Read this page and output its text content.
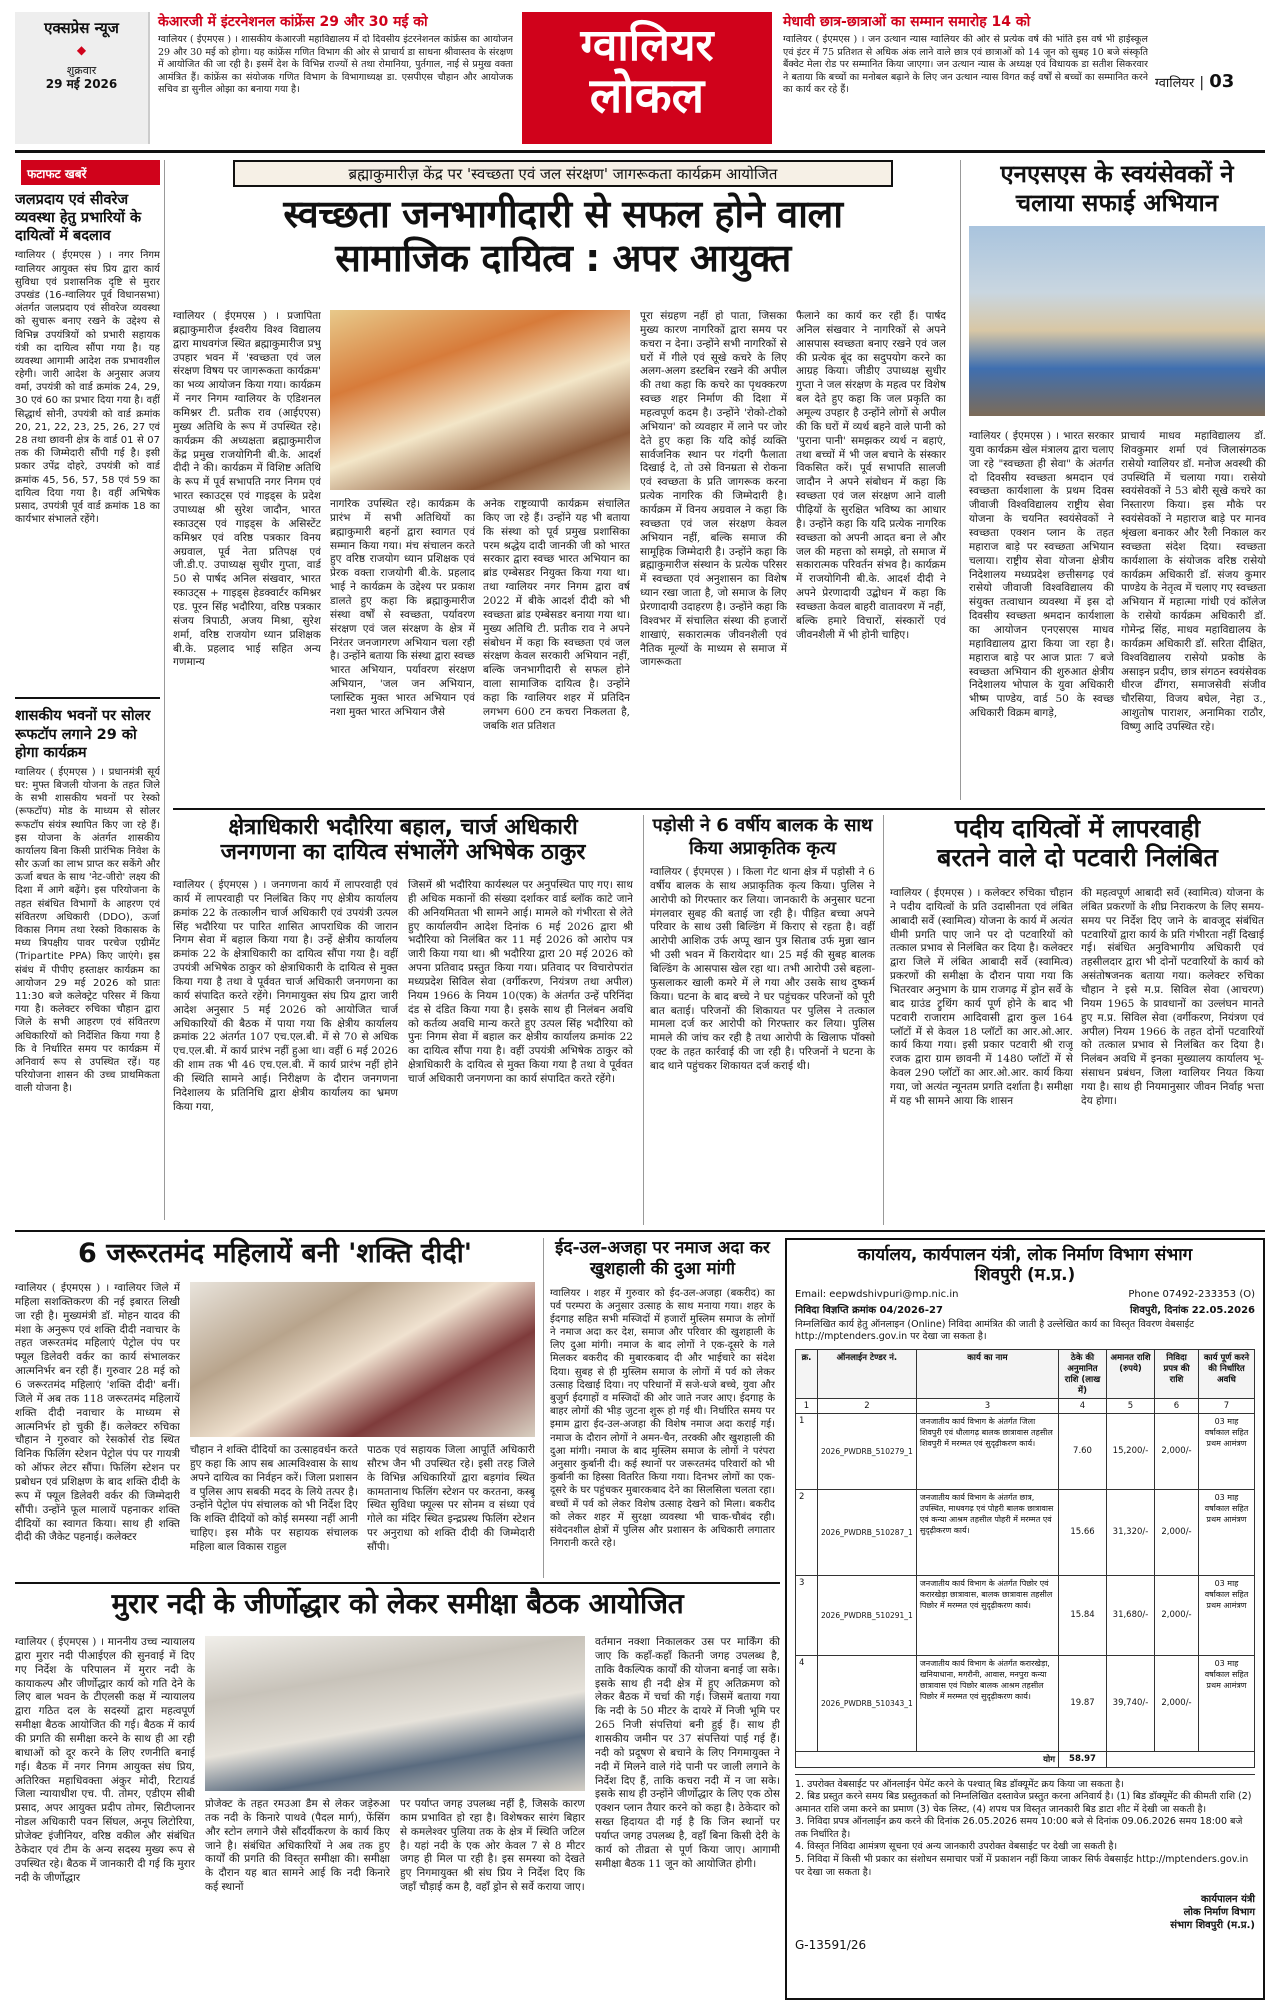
एक्सप्रेस न्यूज
◆
शुक्रवार
29 मई 2026
केआरजी में इंटरनेशनल कांफ्रेंस 29 और 30 मई को
ग्वालियर ( ईएमएस ) । शासकीय केआरजी महाविद्यालय में दो दिवसीय इंटरनेशनल कांफ्रेंस का आयोजन 29 और 30 मई को होगा। यह कांफ्रेंस गणित विभाग की ओर से प्राचार्य डा साधना श्रीवास्तव के संरक्षण में आयोजित की जा रही है। इसमें देश के विभिन्न राज्यों से तथा रोमानिया, पुर्तगाल, नाई से प्रमुख वक्ता आमंत्रित हैं। कांफ्रेंस का संयोजक गणित विभाग के विभागाध्यक्ष डा. एसपीएस चौहान और आयोजक सचिव डा सुनील ओझा का बनाया गया है।
ग्वालियर
लोकल
मेधावी छात्र-छात्राओं का सम्मान समारोह 14 को
ग्वालियर ( ईएमएस ) । जन उत्थान न्यास ग्वालियर की ओर से प्रत्येक वर्ष की भांति इस वर्ष भी हाईस्कूल एवं इंटर में 75 प्रतिशत से अधिक अंक लाने वाले छात्र एवं छात्राओं को 14 जून को सुबह 10 बजे संस्कृति बैंक्वेट मेला रोड पर सम्मानित किया जाएगा। जन उत्थान न्यास के अध्यक्ष एवं विधायक डा सतीश सिकरवार ने बताया कि बच्चों का मनोबल बढ़ाने के लिए जन उत्थान न्यास विगत कई वर्षों से बच्चों का सम्मानित करने का कार्य कर रहे हैं।	ग्वालियर | 03
फटाफट खबरें
जलप्रदाय एवं सीवरेज व्यवस्था हेतु प्रभारियों के दायित्वों में बदलाव
ग्वालियर ( ईएमएस ) । नगर निगम ग्वालियर आयुक्त संघ प्रिय द्वारा कार्य सुविधा एवं प्रशासनिक दृष्टि से मुरार उपखंड (16-ग्वालियर पूर्व विधानसभा) अंतर्गत जलप्रदाय एवं सीवरेज व्यवस्था को सुचारू बनाए रखने के उद्देश्य से विभिन्न उपयंत्रियों को प्रभारी सहायक यंत्री का दायित्व सौंपा गया है। यह व्यवस्था आगामी आदेश तक प्रभावशील रहेगी। जारी आदेश के अनुसार अजय वर्मा, उपयंत्री को वार्ड क्रमांक 24, 29, 30 एवं 60 का प्रभार दिया गया है। वहीं सिद्धार्थ सोनी, उपयंत्री को वार्ड क्रमांक 20, 21, 22, 23, 25, 26, 27 एवं 28 तथा छावनी क्षेत्र के वार्ड 01 से 07 तक की जिम्मेदारी सौंपी गई है। इसी प्रकार उपेंद्र दोहरे, उपयंत्री को वार्ड क्रमांक 45, 56, 57, 58 एवं 59 का दायित्व दिया गया है। वहीं अभिषेक प्रसाद, उपयंत्री पूर्व वार्ड क्रमांक 18 का कार्यभार संभालते रहेंगे।
शासकीय भवनों पर सोलर रूफटॉप लगाने 29 को होगा कार्यक्रम
ग्वालियर ( ईएमएस ) । प्रधानमंत्री सूर्य घर: मुफ्त बिजली योजना के तहत जिले के सभी शासकीय भवनों पर रेस्को (रूफटॉप) मोड के माध्यम से सोलर रूफटॉप संयंत्र स्थापित किए जा रहे हैं। इस योजना के अंतर्गत शासकीय कार्यालय बिना किसी प्रारंभिक निवेश के सौर ऊर्जा का लाभ प्राप्त कर सकेंगे और ऊर्जा बचत के साथ 'नेट-जीरो' लक्ष्य की दिशा में आगे बढ़ेंगे। इस परियोजना के तहत संबंधित विभागों के आहरण एवं संवितरण अधिकारी (DDO), ऊर्जा विकास निगम तथा रेस्को विकासक के मध्य त्रिपक्षीय पावर परचेज एग्रीमेंट (Tripartite PPA) किए जाएंगे। इस संबंध में पीपीए हस्ताक्षर कार्यक्रम का आयोजन 29 मई 2026 को प्रातः 11:30 बजे कलेक्ट्रेट परिसर में किया गया है। कलेक्टर रुचिका चौहान द्वारा जिले के सभी आहरण एवं संवितरण अधिकारियों को निर्देशित किया गया है कि वे निर्धारित समय पर कार्यक्रम में अनिवार्य रूप से उपस्थित रहें। यह परियोजना शासन की उच्च प्राथमिकता वाली योजना है।
ब्रह्माकुमारीज़ केंद्र पर 'स्वच्छता एवं जल संरक्षण' जागरूकता कार्यक्रम आयोजित
स्वच्छता जनभागीदारी से सफल होने वाला
सामाजिक दायित्व : अपर आयुक्त
ग्वालियर ( ईएमएस ) । प्रजापिता ब्रह्माकुमारीज ईश्वरीय विश्व विद्यालय द्वारा माधवगंज स्थित ब्रह्माकुमारीज प्रभु उपहार भवन में 'स्वच्छता एवं जल संरक्षण विषय पर जागरूकता कार्यक्रम' का भव्य आयोजन किया गया। कार्यक्रम में नगर निगम ग्वालियर के एडिशनल कमिश्नर टी. प्रतीक राव (आईएएस) मुख्य अतिथि के रूप में उपस्थित रहे। कार्यक्रम की अध्यक्षता ब्रह्माकुमारीज केंद्र प्रमुख राजयोगिनी बी.के. आदर्श दीदी ने की। कार्यक्रम में विशिष्ट अतिथि के रूप में पूर्व सभापति नगर निगम एवं भारत स्काउट्स एवं गाइड्स के प्रदेश उपाध्यक्ष श्री सुरेश जादौन, भारत स्काउट्स एवं गाइड्स के असिस्टेंट कमिश्नर एवं वरिष्ठ पत्रकार विनय अग्रवाल, पूर्व नेता प्रतिपक्ष एवं जी.डी.ए. उपाध्यक्ष सुधीर गुप्ता, वार्ड 50 से पार्षद अनिल संखवार, भारत स्काउट्स + गाइड्स हेडक्वार्टर कमिश्नर एड. पूरन सिंह भदौरिया, वरिष्ठ पत्रकार संजय त्रिपाठी, अजय मिश्रा, सुरेश शर्मा, वरिष्ठ राजयोग ध्यान प्रशिक्षक बी.के. प्रहलाद भाई सहित अन्य गणमान्य
नागरिक उपस्थित रहे। कार्यक्रम के प्रारंभ में सभी अतिथियों का ब्रह्माकुमारी बहनों द्वारा स्वागत एवं सम्मान किया गया। मंच संचालन करते हुए वरिष्ठ राजयोग ध्यान प्रशिक्षक एवं प्रेरक वक्ता राजयोगी बी.के. प्रहलाद भाई ने कार्यक्रम के उद्देश्य पर प्रकाश डालते हुए कहा कि ब्रह्माकुमारीज संस्था वर्षों से स्वच्छता, पर्यावरण संरक्षण एवं जल संरक्षण के क्षेत्र में निरंतर जनजागरण अभियान चला रही है। उन्होंने बताया कि संस्था द्वारा स्वच्छ भारत अभियान, पर्यावरण संरक्षण अभियान, 'जल जन अभियान, प्लास्टिक मुक्त भारत अभियान एवं नशा मुक्त भारत अभियान जैसे
अनेक राष्ट्रव्यापी कार्यक्रम संचालित किए जा रहे हैं। उन्होंने यह भी बताया कि संस्था को पूर्व प्रमुख प्रशासिका परम श्रद्धेय दादी जानकी जी को भारत सरकार द्वारा स्वच्छ भारत अभियान का ब्रांड एम्बेसडर नियुक्त किया गया था। तथा ग्वालियर नगर निगम द्वारा वर्ष 2022 में बीके आदर्श दीदी को भी स्वच्छता ब्रांड एम्बेसडर बनाया गया था। मुख्य अतिथि टी. प्रतीक राव ने अपने संबोधन में कहा कि स्वच्छता एवं जल संरक्षण केवल सरकारी अभियान नहीं, बल्कि जनभागीदारी से सफल होने वाला सामाजिक दायित्व है। उन्होंने कहा कि ग्वालियर शहर में प्रतिदिन लगभग 600 टन कचरा निकलता है, जबकि शत प्रतिशत
पूरा संग्रहण नहीं हो पाता, जिसका मुख्य कारण नागरिकों द्वारा समय पर कचरा न देना। उन्होंने सभी नागरिकों से घरों में गीले एवं सूखे कचरे के लिए अलग-अलग डस्टबिन रखने की अपील की तथा कहा कि कचरे का पृथक्करण स्वच्छ शहर निर्माण की दिशा में महत्वपूर्ण कदम है। उन्होंने 'रोको-टोको अभियान' को व्यवहार में लाने पर जोर देते हुए कहा कि यदि कोई व्यक्ति सार्वजनिक स्थान पर गंदगी फैलाता दिखाई दे, तो उसे विनम्रता से रोकना एवं स्वच्छता के प्रति जागरूक करना प्रत्येक नागरिक की जिम्मेदारी है। कार्यक्रम में विनय अग्रवाल ने कहा कि स्वच्छता एवं जल संरक्षण केवल अभियान नहीं, बल्कि समाज की सामूहिक जिम्मेदारी है। उन्होंने कहा कि ब्रह्माकुमारीज संस्थान के प्रत्येक परिसर में स्वच्छता एवं अनुशासन का विशेष ध्यान रखा जाता है, जो समाज के लिए प्रेरणादायी उदाहरण है। उन्होंने कहा कि विश्वभर में संचालित संस्था की हजारों शाखाएं, सकारात्मक जीवनशैली एवं नैतिक मूल्यों के माध्यम से समाज में जागरूकता
फैलाने का कार्य कर रही हैं। पार्षद अनिल संखवार ने नागरिकों से अपने आसपास स्वच्छता बनाए रखने एवं जल की प्रत्येक बूंद का सदुपयोग करने का आग्रह किया। जीडीए उपाध्यक्ष सुधीर गुप्ता ने जल संरक्षण के महत्व पर विशेष बल देते हुए कहा कि जल प्रकृति का अमूल्य उपहार है उन्होंने लोगों से अपील की कि घरों में व्यर्थ बहने वाले पानी को 'पुराना पानी' समझकर व्यर्थ न बहाएं, तथा बच्चों में भी जल बचाने के संस्कार विकसित करें। पूर्व सभापति सालजी जादौन ने अपने संबोधन में कहा कि स्वच्छता एवं जल संरक्षण आने वाली पीढ़ियों के सुरक्षित भविष्य का आधार है। उन्होंने कहा कि यदि प्रत्येक नागरिक स्वच्छता को अपनी आदत बना ले और जल की महत्ता को समझे, तो समाज में सकारात्मक परिवर्तन संभव है। कार्यक्रम में राजयोगिनी बी.के. आदर्श दीदी ने अपने प्रेरणादायी उद्बोधन में कहा कि स्वच्छता केवल बाहरी वातावरण में नहीं, बल्कि हमारे विचारों, संस्कारों एवं जीवनशैली में भी होनी चाहिए।
एनएसएस के स्वयंसेवकों ने चलाया सफाई अभियान
ग्वालियर ( ईएमएस ) । भारत सरकार युवा कार्यक्रम खेल मंत्रालय द्वारा चलाए जा रहे "स्वच्छता ही सेवा" के अंतर्गत दो दिवसीय स्वच्छता श्रमदान एवं स्वच्छता कार्यशाला के प्रथम दिवस जीवाजी विश्वविद्यालय राष्ट्रीय सेवा योजना के चयनित स्वयंसेवकों ने स्वच्छता एक्शन प्लान के तहत महाराज बाड़े पर स्वच्छता अभियान चलाया। राष्ट्रीय सेवा योजना क्षेत्रीय निदेशालय मध्यप्रदेश छत्तीसगढ़ एवं रासेयो जीवाजी विश्वविद्यालय की संयुक्त तत्वाधान व्यवस्था में इस दो दिवसीय स्वच्छता श्रमदान कार्यशाला का आयोजन एनएसएस माधव महाविद्यालय द्वारा किया जा रहा है। महाराज बाड़े पर आज प्रातः 7 बजे स्वच्छता अभियान की शुरुआत क्षेत्रीय निदेशालय भोपाल के युवा अधिकारी भीष्म पाण्डेय, वार्ड 50 के स्वच्छ अधिकारी विक्रम बागड़े,
प्राचार्य माधव महाविद्यालय डॉ. शिवकुमार शर्मा एवं जिलासंगठक रासेयो ग्वालियर डॉ. मनोज अवस्थी की उपस्थिति में चलाया गया। रासेयो स्वयंसेवकों ने 53 बोरी सूखे कचरे का निस्तारण किया। इस मौके पर स्वयंसेवकों ने महाराज बाड़े पर मानव श्रृंखला बनाकर और रैली निकाल कर स्वच्छता संदेश दिया। स्वच्छता कार्यशाला के संयोजक वरिष्ठ रासेयो कार्यक्रम अधिकारी डॉ. संजय कुमार पाण्डेय के नेतृत्व में चलाए गए स्वच्छता अभियान में महात्मा गांधी एवं कॉलेज के रासेयो कार्यक्रम अधिकारी डॉ. गोमेन्द्र सिंह, माधव महाविद्यालय के कार्यक्रम अधिकारी डॉ. सरिता दीक्षित, विश्वविद्यालय रासेयो प्रकोष्ठ के असाइन प्रदीप, छात्र संगठन स्वयंसेवक धीरज ढींगरा, समाजसेवी संजीव चौरसिया, विजय बघेल, नेहा उ., आशुतोष पाराशर, अनामिका राठौर, विष्णु आदि उपस्थित रहे।
क्षेत्राधिकारी भदौरिया बहाल, चार्ज अधिकारी
जनगणना का दायित्व संभालेंगे अभिषेक ठाकुर
ग्वालियर ( ईएमएस ) । जनगणना कार्य में लापरवाही एवं कार्य में लापरवाही पर निलंबित किए गए क्षेत्रीय कार्यालय क्रमांक 22 के तत्कालीन चार्ज अधिकारी एवं उपयंत्री उत्पल सिंह भदौरिया पर पारित शासित आपराधिक की जारान निगम सेवा में बहाल किया गया है। उन्हें क्षेत्रीय कार्यालय क्रमांक 22 के क्षेत्राधिकारी का दायित्व सौंपा गया है। वहीं उपयंत्री अभिषेक ठाकुर को क्षेत्राधिकारी के दायित्व से मुक्त किया गया है तथा वे पूर्ववत चार्ज अधिकारी जनगणना का कार्य संपादित करते रहेंगे। निगमायुक्त संघ प्रिय द्वारा जारी आदेश अनुसार 5 मई 2026 को आयोजित चार्ज अधिकारियों की बैठक में पाया गया कि क्षेत्रीय कार्यालय क्रमांक 22 अंतर्गत 107 एच.एल.बी. में से 70 से अधिक एच.एल.बी. में कार्य प्रारंभ नहीं हुआ था। वहीं 6 मई 2026 की शाम तक भी 46 एच.एल.बी. में कार्य प्रारंभ नहीं होने की स्थिति सामने आई। निरीक्षण के दौरान जनगणना निदेशालय के प्रतिनिधि द्वारा क्षेत्रीय कार्यालय का भ्रमण किया गया,
जिसमें श्री भदौरिया कार्यस्थल पर अनुपस्थित पाए गए। साथ ही अधिक मकानों की संख्या दर्शाकर वार्ड ब्लॉक काटे जाने की अनियमितता भी सामने आई। मामले को गंभीरता से लेते हुए कार्यालयीन आदेश दिनांक 6 मई 2026 द्वारा श्री भदौरिया को निलंबित कर 11 मई 2026 को आरोप पत्र जारी किया गया था। श्री भदौरिया द्वारा 20 मई 2026 को अपना प्रतिवाद प्रस्तुत किया गया। प्रतिवाद पर विचारोपरांत मध्यप्रदेश सिविल सेवा (वर्गीकरण, नियंत्रण तथा अपील) नियम 1966 के नियम 10(एक) के अंतर्गत उन्हें परिनिंदा दंड से दंडित किया गया है। इसके साथ ही निलंबन अवधि को कर्तव्य अवधि मान्य करते हुए उत्पल सिंह भदौरिया को पुनः निगम सेवा में बहाल कर क्षेत्रीय कार्यालय क्रमांक 22 का दायित्व सौंपा गया है। वहीं उपयंत्री अभिषेक ठाकुर को क्षेत्राधिकारी के दायित्व से मुक्त किया गया है तथा वे पूर्ववत चार्ज अधिकारी जनगणना का कार्य संपादित करते रहेंगे।
पड़ोसी ने 6 वर्षीय बालक के साथ किया अप्राकृतिक कृत्य
ग्वालियर ( ईएमएस ) । किला गेट थाना क्षेत्र में पड़ोसी ने 6 वर्षीय बालक के साथ अप्राकृतिक कृत्य किया। पुलिस ने आरोपी को गिरफ्तार कर लिया। जानकारी के अनुसार घटना मंगलवार सुबह की बताई जा रही है। पीड़ित बच्चा अपने परिवार के साथ उसी बिल्डिंग में किराए से रहता है। वहीं आरोपी आशिक उर्फ अप्पू खान पुत्र सिताब उर्फ मुन्ना खान भी उसी भवन में किरायेदार था। 25 मई की सुबह बालक बिल्डिंग के आसपास खेल रहा था। तभी आरोपी उसे बहला-फुसलाकर खाली कमरे में ले गया और उसके साथ दुष्कर्म किया। घटना के बाद बच्चे ने घर पहुंचकर परिजनों को पूरी बात बताई। परिजनों की शिकायत पर पुलिस ने तत्काल मामला दर्ज कर आरोपी को गिरफ्तार कर लिया। पुलिस मामले की जांच कर रही है तथा आरोपी के खिलाफ पॉक्सो एक्ट के तहत कार्रवाई की जा रही है। परिजनों ने घटना के बाद थाने पहुंचकर शिकायत दर्ज कराई थी।
पदीय दायित्वों में लापरवाही
बरतने वाले दो पटवारी निलंबित
ग्वालियर ( ईएमएस ) । कलेक्टर रुचिका चौहान ने पदीय दायित्वों के प्रति उदासीनता एवं लंबित आबादी सर्वे (स्वामित्व) योजना के कार्य में अत्यंत धीमी प्रगति पाए जाने पर दो पटवारियों को तत्काल प्रभाव से निलंबित कर दिया है। कलेक्टर द्वारा जिले में लंबित आबादी सर्वे (स्वामित्व) प्रकरणों की समीक्षा के दौरान पाया गया कि भितरवार अनुभाग के ग्राम राजगढ़ में ड्रोन सर्वे के बाद ग्राउंड ट्रुथिंग कार्य पूर्ण होने के बाद भी पटवारी राजाराम आदिवासी द्वारा कुल 164 प्लॉटों में से केवल 18 प्लॉटों का आर.ओ.आर. कार्य किया गया। इसी प्रकार पटवारी श्री राजू रजक द्वारा ग्राम छावनी में 1480 प्लॉटों में से केवल 290 प्लॉटों का आर.ओ.आर. कार्य किया गया, जो अत्यंत न्यूनतम प्रगति दर्शाता है। समीक्षा में यह भी सामने आया कि शासन
की महत्वपूर्ण आबादी सर्वे (स्वामित्व) योजना के लंबित प्रकरणों के शीघ्र निराकरण के लिए समय-समय पर निर्देश दिए जाने के बावजूद संबंधित पटवारियों द्वारा कार्य के प्रति गंभीरता नहीं दिखाई गई। संबंधित अनुविभागीय अधिकारी एवं तहसीलदार द्वारा भी दोनों पटवारियों के कार्य को असंतोषजनक बताया गया। कलेक्टर रुचिका चौहान ने इसे म.प्र. सिविल सेवा (आचरण) नियम 1965 के प्रावधानों का उल्लंघन मानते हुए म.प्र. सिविल सेवा (वर्गीकरण, नियंत्रण एवं अपील) नियम 1966 के तहत दोनों पटवारियों को तत्काल प्रभाव से निलंबित कर दिया है। निलंबन अवधि में इनका मुख्यालय कार्यालय भू-संसाधन प्रबंधन, जिला ग्वालियर नियत किया गया है। साथ ही नियमानुसार जीवन निर्वाह भत्ता देय होगा।
6 जरूरतमंद महिलायें बनी 'शक्ति दीदी'
ग्वालियर ( ईएमएस ) । ग्वालियर जिले में महिला सशक्तिकरण की नई इबारत लिखी जा रही है। मुख्यमंत्री डॉ. मोहन यादव की मंशा के अनुरूप एवं शक्ति दीदी नवाचार के तहत जरूरतमंद महिलाएं पेट्रोल पंप पर फ्यूल डिलेवरी वर्कर का कार्य संभालकर आत्मनिर्भर बन रही हैं। गुरुवार 28 मई को 6 जरूरतमंद महिलाएं 'शक्ति दीदी' बनीं। जिले में अब तक 118 जरूरतमंद महिलायें शक्ति दीदी नवाचार के माध्यम से आत्मनिर्भर हो चुकी हैं। कलेक्टर रुचिका चौहान ने गुरुवार को रेसकोर्स रोड स्थित विनिक फिलिंग स्टेशन पेट्रोल पंप पर गायत्री को ऑफर लेटर सौंपा। फिलिंग स्टेशन पर प्रबोधन एवं प्रशिक्षण के बाद शक्ति दीदी के रूप में फ्यूल डिलेवरी वर्कर की जिम्मेदारी सौंपी। उन्होंने फूल मालायें पहनाकर शक्ति दीदियों का स्वागत किया। साथ ही शक्ति दीदी की जैकेट पहनाई। कलेक्टर
चौहान ने शक्ति दीदियों का उत्साहवर्धन करते हुए कहा कि आप सब आत्मविश्वास के साथ अपने दायित्व का निर्वहन करें। जिला प्रशासन व पुलिस आप सबकी मदद के लिये तत्पर है। उन्होंने पेट्रोल पंप संचालक को भी निर्देश दिए कि शक्ति दीदियों को कोई समस्या नहीं आनी चाहिए। इस मौके पर सहायक संचालक महिला बाल विकास राहुल
पाठक एवं सहायक जिला आपूर्ति अधिकारी सौरभ जैन भी उपस्थित रहे। इसी तरह जिले के विभिन्न अधिकारियों द्वारा बड़गांव स्थित कामतानाथ फिलिंग स्टेशन पर करतना, कस्बू स्थित सुविधा फ्यूल्स पर सोनम व संध्या एवं गोले का मंदिर स्थित इन्द्रप्रस्थ फिलिंग स्टेशन पर अनुराधा को शक्ति दीदी की जिम्मेदारी सौंपी।
ईद-उल-अजहा पर नमाज अदा कर खुशहाली की दुआ मांगी
ग्वालियर । शहर में गुरुवार को ईद-उल-अजहा (बकरीद) का पर्व परम्परा के अनुसार उत्साह के साथ मनाया गया। शहर के ईदगाह सहित सभी मस्जिदों में हजारों मुस्लिम समाज के लोगों ने नमाज अदा कर देश, समाज और परिवार की खुशहाली के लिए दुआ मांगी। नमाज के बाद लोगों ने एक-दूसरे के गले मिलकर बकरीद की मुबारकबाद दी और भाईचारे का संदेश दिया। सुबह से ही मुस्लिम समाज के लोगों में पर्व को लेकर उत्साह दिखाई दिया। नए परिधानों में सजे-धजे बच्चे, युवा और बुजुर्ग ईदगाहों व मस्जिदों की ओर जाते नजर आए। ईदगाह के बाहर लोगों की भीड़ जुटना शुरू हो गई थी। निर्धारित समय पर इमाम द्वारा ईद-उल-अजहा की विशेष नमाज अदा कराई गई। नमाज के दौरान लोगों ने अमन-चैन, तरक्की और खुशहाली की दुआ मांगी। नमाज के बाद मुस्लिम समाज के लोगों ने परंपरा अनुसार कुर्बानी दी। कई स्थानों पर जरूरतमंद परिवारों को भी कुर्बानी का हिस्सा वितरित किया गया। दिनभर लोगों का एक-दूसरे के घर पहुंचकर मुबारकबाद देने का सिलसिला चलता रहा। बच्चों में पर्व को लेकर विशेष उत्साह देखने को मिला। बकरीद को लेकर शहर में सुरक्षा व्यवस्था भी चाक-चौबंद रही। संवेदनशील क्षेत्रों में पुलिस और प्रशासन के अधिकारी लगातार निगरानी करते रहे।
मुरार नदी के जीर्णोद्धार को लेकर समीक्षा बैठक आयोजित
ग्वालियर ( ईएमएस ) । माननीय उच्च न्यायालय द्वारा मुरार नदी पीआईएल की सुनवाई में दिए गए निर्देश के परिपालन में मुरार नदी के कायाकल्प और जीर्णोद्धार कार्य को गति देने के लिए बाल भवन के टीएलसी कक्ष में न्यायालय द्वारा गठित दल के सदस्यों द्वारा महत्वपूर्ण समीक्षा बैठक आयोजित की गई। बैठक में कार्य की प्रगति की समीक्षा करने के साथ ही आ रही बाधाओं को दूर करने के लिए रणनीति बनाई गई। बैठक में नगर निगम आयुक्त संघ प्रिय, अतिरिक्त महाधिवक्ता अंकुर मोदी, रिटायर्ड जिला न्यायाधीश एच. पी. तोमर, एडीएम सीबी प्रसाद, अपर आयुक्त प्रदीप तोमर, सिटीप्लानर नोडल अधिकारी पवन सिंघल, अनूप लिटोरिया, प्रोजेक्ट इंजीनियर, वरिष्ठ वकील और संबंधित ठेकेदार एवं टीम के अन्य सदस्य मुख्य रूप से उपस्थित रहे। बैठक में जानकारी दी गई कि मुरार नदी के जीर्णोद्धार
प्रोजेक्ट के तहत रमउआ डैम से लेकर जड़ेरुआ तक नदी के किनारे पाथवे (पैदल मार्ग), फेंसिंग और स्टोन लगाने जैसे सौंदर्यीकरण के कार्य किए जाने है। संबंधित अधिकारियों ने अब तक हुए कार्यों की प्रगति की विस्तृत समीक्षा की। समीक्षा के दौरान यह बात सामने आई कि नदी किनारे कई स्थानों
पर पर्याप्त जगह उपलब्ध नहीं है, जिसके कारण काम प्रभावित हो रहा है। विशेषकर सारंग बिहार से कमलेश्वर पुलिया तक के क्षेत्र में स्थिति जटिल है। यहां नदी के एक ओर केवल 7 से 8 मीटर जगह ही मिल पा रही है। इस समस्या को देखते हुए निगमायुक्त श्री संघ प्रिय ने निर्देश दिए कि जहाँ चौड़ाई कम है, वहाँ ड्रोन से सर्वे कराया जाए।
वर्तमान नक्शा निकालकर उस पर मार्किंग की जाए कि कहाँ-कहाँ कितनी जगह उपलब्ध है, ताकि वैकल्पिक कार्यों की योजना बनाई जा सके। इसके साथ ही नदी क्षेत्र में हुए अतिक्रमण को लेकर बैठक में चर्चा की गई। जिसमें बताया गया कि नदी के 50 मीटर के दायरे में निजी भूमि पर 265 निजी संपत्तियां बनी हुई हैं। साथ ही शासकीय जमीन पर 37 संपत्तियां पाई गई हैं। नदी को प्रदूषण से बचाने के लिए निगमायुक्त ने नदी में मिलने वाले गंदे पानी पर जाली लगाने के निर्देश दिए हैं, ताकि कचरा नदी में न जा सके। इसके साथ ही उन्होंने जीर्णोद्धार के लिए एक ठोस एक्शन प्लान तैयार करने को कहा है। ठेकेदार को सख्त हिदायत दी गई है कि जिन स्थानों पर पर्याप्त जगह उपलब्ध है, वहाँ बिना किसी देरी के कार्य को तीव्रता से पूर्ण किया जाए। आगामी समीक्षा बैठक 11 जून को आयोजित होगी।
कार्यालय, कार्यपालन यंत्री, लोक निर्माण विभाग संभाग
शिवपुरी (म.प्र.)
Email: eepwdshivpuri@mp.nic.in	Phone 07492-233353 (O)
निविदा विज्ञप्ति क्रमांक 04/2026-27	शिवपुरी, दिनांक 22.05.2026
निम्नलिखित कार्य हेतु ऑनलाइन (Online) निविदा आमंत्रित की जाती है उल्लेखित कार्य का विस्तृत विवरण वेबसाईट http://mptenders.gov.in पर देखा जा सकता है।
क्र.	ऑनलाईन टेण्डर नं.	कार्य का नाम	ठेके की अनुमानित राशि (लाख में)	अमानत राशि (रुपये)	निविदा प्रपत्र की राशि	कार्य पूर्ण करने की निर्धारित अवधि
1	2	3	4	5	6	7
1	2026_PWDRB_510279_1	जनजातीय कार्य विभाग के अंतर्गत जिला शिवपुरी एवं धौलागढ़ बालक छात्रावास तहसील शिवपुरी में मरम्मत एवं सुदृढ़ीकरण कार्य।	7.60	15,200/-	2,000/-	03 माह वर्षाकाल सहित प्रथम आमंत्रण
2	2026_PWDRB_510287_1	जनजातीय कार्य विभाग के अंतर्गत छात्र, उपस्थित, माधवगढ़ एवं पोहरी बालक छात्रावास एवं कन्या आश्रम तहसील पोहरी में मरम्मत एवं सुदृढ़ीकरण कार्य।	15.66	31,320/-	2,000/-	03 माह वर्षाकाल सहित प्रथम आमंत्रण
3	2026_PWDRB_510291_1	जनजातीय कार्य विभाग के अंतर्गत पिछोर एवं करारखेड़ा छात्रावास, बालक छात्रावास तहसील पिछोर में मरम्मत एवं सुदृढ़ीकरण कार्य।	15.84	31,680/-	2,000/-	03 माह वर्षाकाल सहित प्रथम आमंत्रण
4	2026_PWDRB_510343_1	जनजातीय कार्य विभाग के अंतर्गत करारखेड़ा, खनियाधाना, मगरौनी, आवास, मनपुरा कन्या छात्रावास एवं पिछोर बालक आश्रम तहसील पिछोर में मरम्मत एवं सुदृढ़ीकरण कार्य।	19.87	39,740/-	2,000/-	03 माह वर्षाकाल सहित प्रथम आमंत्रण
योग			58.97			
1. उपरोक्त वेबसाईट पर ऑनलाईन पेमेंट करने के पश्चात् बिड डॉक्यूमेंट क्रय किया जा सकता है।
2. बिड प्रस्तुत करने समय बिड प्रस्तुतकर्ता को निम्नलिखित दस्तावेज प्रस्तुत करना अनिवार्य है। (1) बिड डॉक्यूमेंट की कीमती राशि (2) अमानत राशि जमा करने का प्रमाण (3) चेक लिस्ट, (4) शपथ पत्र विस्तृत जानकारी बिड डाटा शीट में देखी जा सकती है।
3. निविदा प्रपत्र ऑनलाईन क्रय करने की दिनांक 26.05.2026 समय 10:00 बजे से दिनांक 09.06.2026 समय 18:00 बजे तक निर्धारित है।
4. विस्तृत निविदा आमंत्रण सूचना एवं अन्य जानकारी उपरोक्त वेबसाईट पर देखी जा सकती है।
5. निविदा में किसी भी प्रकार का संशोधन समाचार पत्रों में प्रकाशन नहीं किया जाकर सिर्फ वेबसाईट http://mptenders.gov.in पर देखा जा सकता है।
कार्यपालन यंत्री
लोक निर्माण विभाग
संभाग शिवपुरी (म.प्र.)
G-13591/26
